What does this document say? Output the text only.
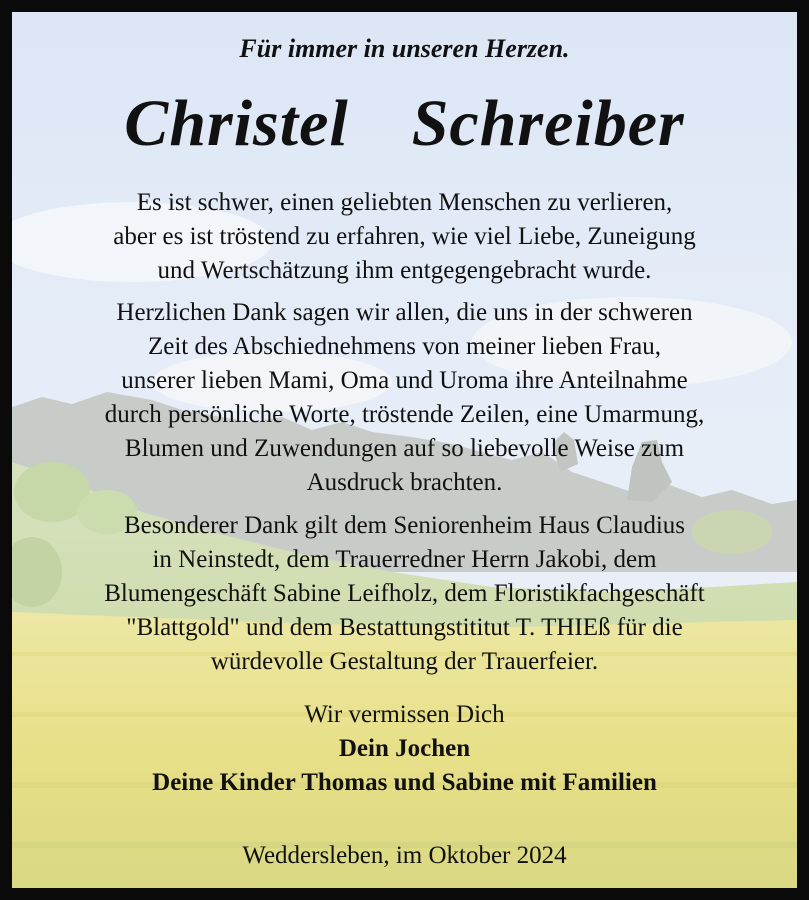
Für immer in unseren Herzen.
Christel  Schreiber
Es ist schwer, einen geliebten Menschen zu verlieren,
aber es ist tröstend zu erfahren, wie viel Liebe, Zuneigung
und Wertschätzung ihm entgegengebracht wurde.
Herzlichen Dank sagen wir allen, die uns in der schweren
Zeit des Abschiednehmens von meiner lieben Frau,
unserer lieben Mami, Oma und Uroma ihre Anteilnahme
durch persönliche Worte, tröstende Zeilen, eine Umarmung,
Blumen und Zuwendungen auf so liebevolle Weise zum
Ausdruck brachten.
Besonderer Dank gilt dem Seniorenheim Haus Claudius
in Neinstedt, dem Trauerredner Herrn Jakobi, dem
Blumengeschäft Sabine Leifholz, dem Floristikfachgeschäft
"Blattgold" und dem Bestattungstititut T. THIEß für die
würdevolle Gestaltung der Trauerfeier.
Wir vermissen Dich
Dein Jochen
Deine Kinder Thomas und Sabine mit Familien
Weddersleben, im Oktober 2024
